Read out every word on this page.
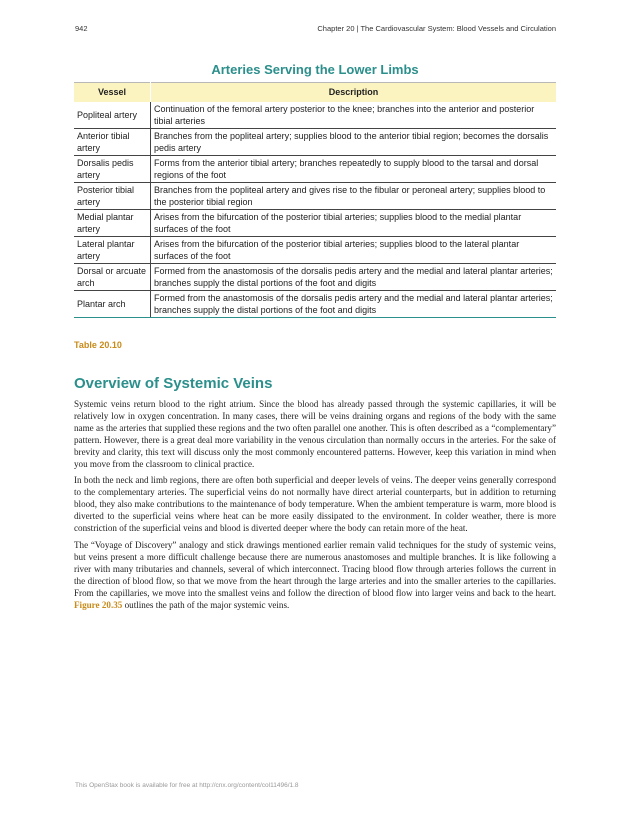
942	Chapter 20 | The Cardiovascular System: Blood Vessels and Circulation
Arteries Serving the Lower Limbs
Vessel	Description
Popliteal artery	Continuation of the femoral artery posterior to the knee; branches into the anterior and posterior tibial arteries
Anterior tibial artery	Branches from the popliteal artery; supplies blood to the anterior tibial region; becomes the dorsalis pedis artery
Dorsalis pedis artery	Forms from the anterior tibial artery; branches repeatedly to supply blood to the tarsal and dorsal regions of the foot
Posterior tibial artery	Branches from the popliteal artery and gives rise to the fibular or peroneal artery; supplies blood to the posterior tibial region
Medial plantar artery	Arises from the bifurcation of the posterior tibial arteries; supplies blood to the medial plantar surfaces of the foot
Lateral plantar artery	Arises from the bifurcation of the posterior tibial arteries; supplies blood to the lateral plantar surfaces of the foot
Dorsal or arcuate arch	Formed from the anastomosis of the dorsalis pedis artery and the medial and lateral plantar arteries; branches supply the distal portions of the foot and digits
Plantar arch	Formed from the anastomosis of the dorsalis pedis artery and the medial and lateral plantar arteries; branches supply the distal portions of the foot and digits
Table 20.10
Overview of Systemic Veins

Systemic veins return blood to the right atrium. Since the blood has already passed through the systemic capillaries, it will be relatively low in oxygen concentration. In many cases, there will be veins draining organs and regions of the body with the same name as the arteries that supplied these regions and the two often parallel one another. This is often described as a “complementary” pattern. However, there is a great deal more variability in the venous circulation than normally occurs in the arteries. For the sake of brevity and clarity, this text will discuss only the most commonly encountered patterns. However, keep this variation in mind when you move from the classroom to clinical practice.

In both the neck and limb regions, there are often both superficial and deeper levels of veins. The deeper veins generally correspond to the complementary arteries. The superficial veins do not normally have direct arterial counterparts, but in addition to returning blood, they also make contributions to the maintenance of body temperature. When the ambient temperature is warm, more blood is diverted to the superficial veins where heat can be more easily dissipated to the environment. In colder weather, there is more constriction of the superficial veins and blood is diverted deeper where the body can retain more of the heat.

The “Voyage of Discovery” analogy and stick drawings mentioned earlier remain valid techniques for the study of systemic veins, but veins present a more difficult challenge because there are numerous anastomoses and multiple branches. It is like following a river with many tributaries and channels, several of which interconnect. Tracing blood flow through arteries follows the current in the direction of blood flow, so that we move from the heart through the large arteries and into the smaller arteries to the capillaries. From the capillaries, we move into the smallest veins and follow the direction of blood flow into larger veins and back to the heart. Figure 20.35 outlines the path of the major systemic veins.

This OpenStax book is available for free at http://cnx.org/content/col11496/1.8
